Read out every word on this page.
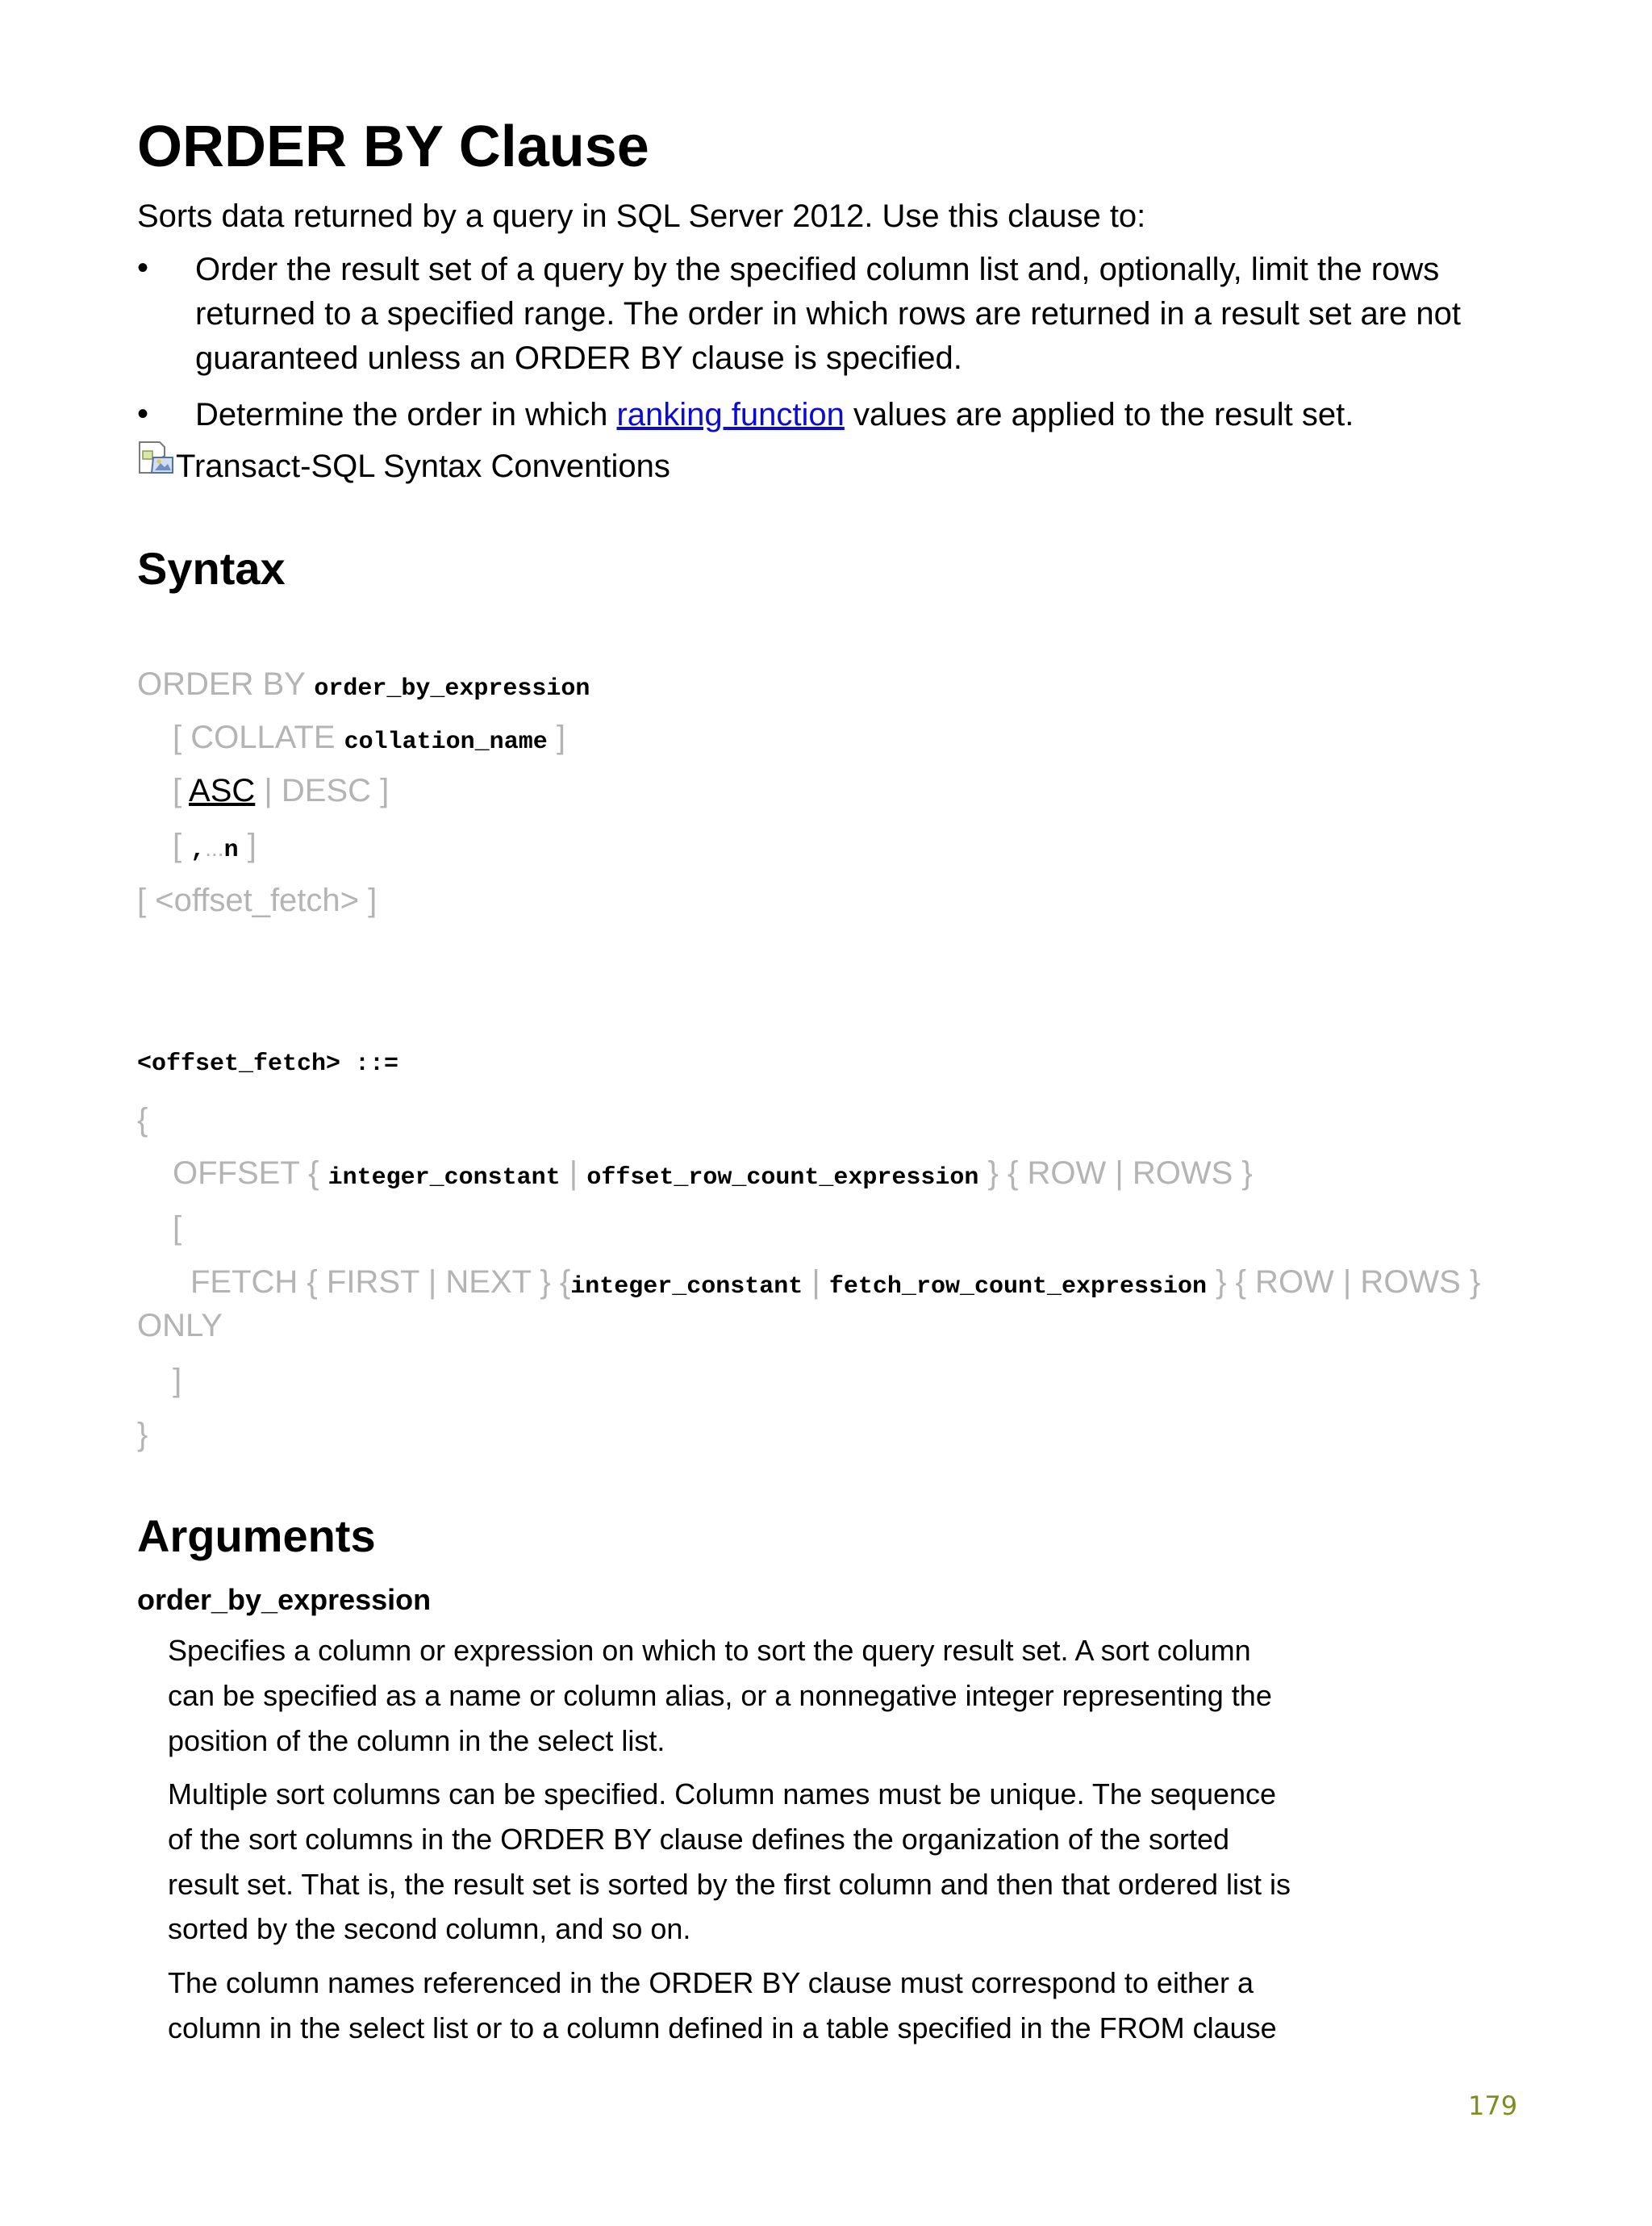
ORDER BY Clause
Sorts data returned by a query in SQL Server 2012. Use this clause to:
• Order the result set of a query by the specified column list and, optionally, limit the rows
returned to a specified range. The order in which rows are returned in a result set are not
guaranteed unless an ORDER BY clause is specified.
• Determine the order in which ranking function values are applied to the result set.
Transact-SQL Syntax Conventions
Syntax
ORDER BY order_by_expression
[ COLLATE collation_name ]
[ ASC | DESC ]
[ ,...n ]
[ <offset_fetch> ]
<offset_fetch> ::=
{
OFFSET { integer_constant | offset_row_count_expression } { ROW | ROWS }
[
FETCH { FIRST | NEXT } {integer_constant | fetch_row_count_expression } { ROW | ROWS }
ONLY
]
}
Arguments
order_by_expression
Specifies a column or expression on which to sort the query result set. A sort column
can be specified as a name or column alias, or a nonnegative integer representing the
position of the column in the select list.
Multiple sort columns can be specified. Column names must be unique. The sequence
of the sort columns in the ORDER BY clause defines the organization of the sorted
result set. That is, the result set is sorted by the first column and then that ordered list is
sorted by the second column, and so on.
The column names referenced in the ORDER BY clause must correspond to either a
column in the select list or to a column defined in a table specified in the FROM clause
179
